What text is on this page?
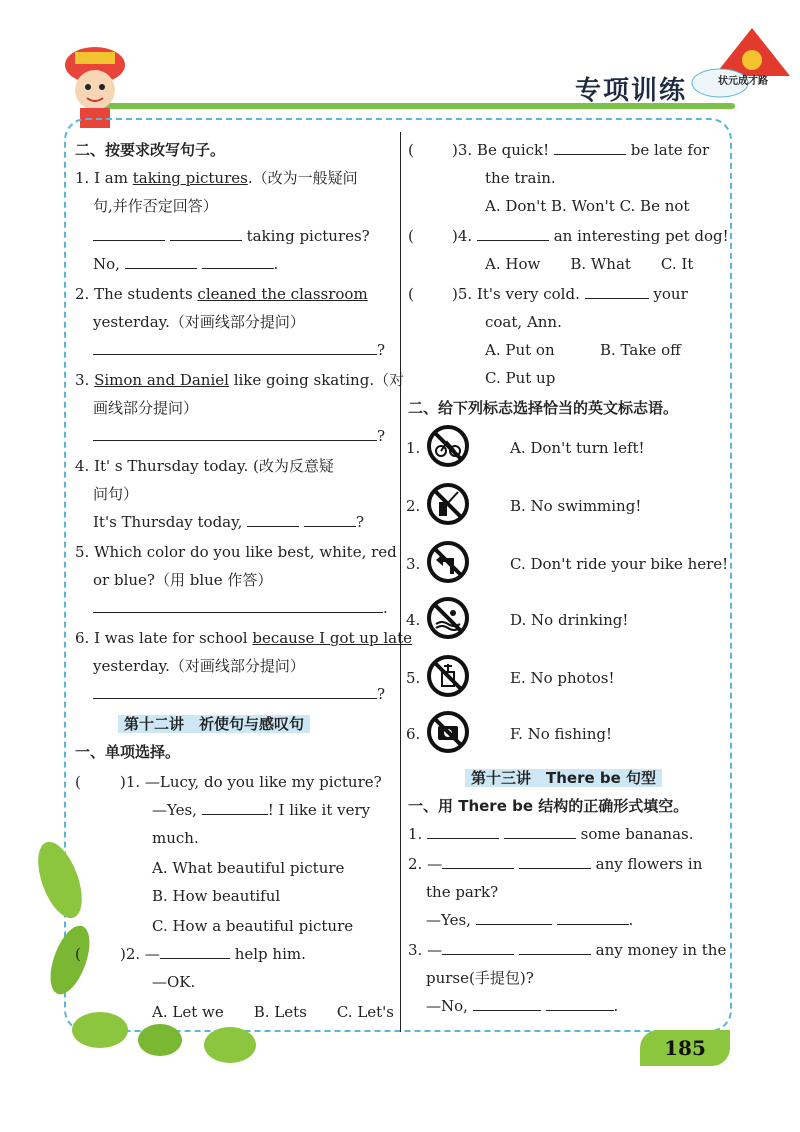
专项训练	状元成才路
二、按要求改写句子。
1. I am taking pictures.（改为一般疑问
句,并作否定回答）
taking pictures?
No,	.
2. The students cleaned the classroom
yesterday.（对画线部分提问）
?
3. Simon and Daniel like going skating.（对
画线部分提问）
?
4. It' s Thursday today. (改为反意疑
问句）
It's Thursday today,	?
5. Which color do you like best, white, red
or blue?（用 blue 作答）
.
6. I was late for school because I got up late
yesterday.（对画线部分提问）
?
第十二讲　祈使句与感叹句
一、单项选择。
(	)1. —Lucy, do you like my picture?
—Yes,	! I like it very
much.
A. What beautiful picture
B. How beautiful
C. How a beautiful picture
(	)2. —	help him.
—OK.
A. Let we　　B. Lets　　C. Let's
(	)3. Be quick!	be late for
the train.
A. Don't B. Won't C. Be not
(	)4.	an interesting pet dog!
A. How　　B. What　　C. It
(	)5. It's very cold.	your
coat, Ann.
A. Put on	B. Take off
C. Put up
二、给下列标志选择恰当的英文标志语。
1.	A. Don't turn left!
2.	B. No swimming!
3.	C. Don't ride your bike here!
4.	D. No drinking!
5.	E. No photos!
6.	F. No fishing!
第十三讲　There be 句型
一、用 There be 结构的正确形式填空。
1.	some bananas.
2. —	any flowers in
the park?
—Yes,	.
3. —	any money in the
purse(手提包)?
—No,	.
185
